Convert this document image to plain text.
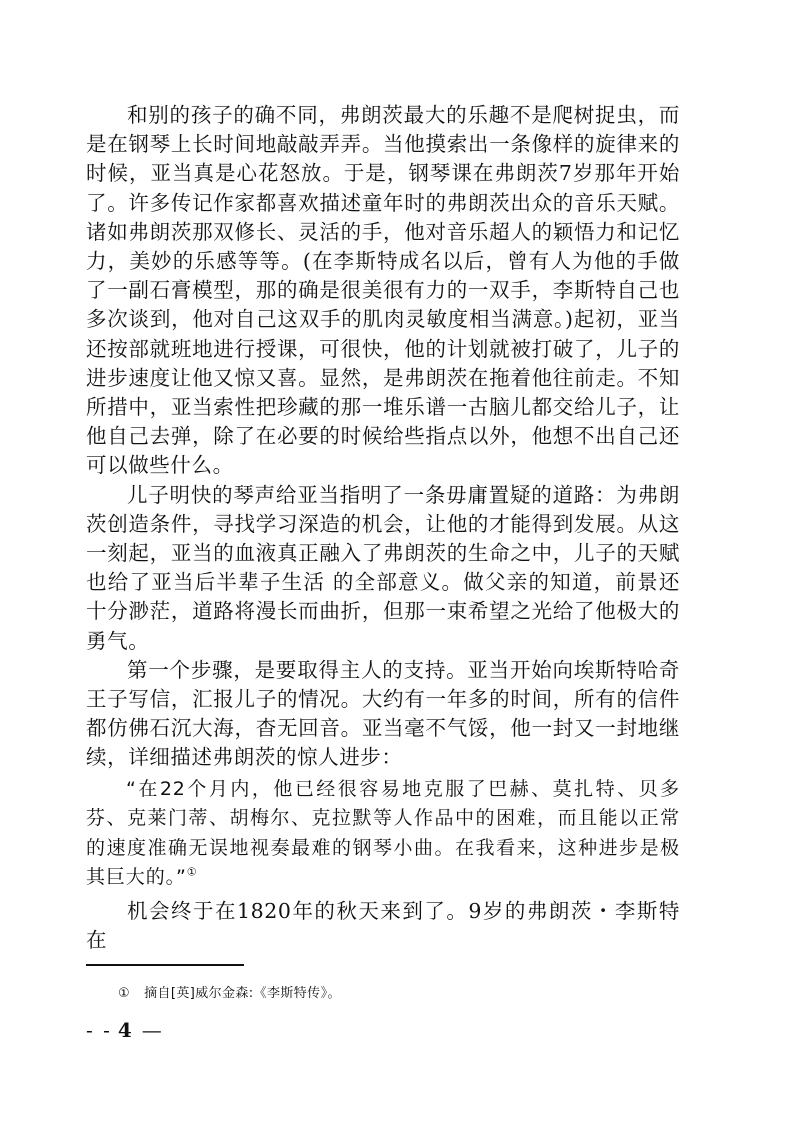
和别的孩子的确不同，弗朗茨最大的乐趣不是爬树捉虫，而是在钢琴上长时间地敲敲弄弄。当他摸索出一条像样的旋律来的时候，亚当真是心花怒放。于是，钢琴课在弗朗茨7岁那年开始了。许多传记作家都喜欢描述童年时的弗朗茨出众的音乐天赋。诸如弗朗茨那双修长、灵活的手，他对音乐超人的颖悟力和记忆力，美妙的乐感等等。(在李斯特成名以后，曾有人为他的手做了一副石膏模型，那的确是很美很有力的一双手，李斯特自己也多次谈到，他对自己这双手的肌肉灵敏度相当满意。)起初，亚当还按部就班地进行授课，可很快，他的计划就被打破了，儿子的进步速度让他又惊又喜。显然，是弗朗茨在拖着他往前走。不知所措中，亚当索性把珍藏的那一堆乐谱一古脑儿都交给儿子，让他自己去弹，除了在必要的时候给些指点以外，他想不出自己还可以做些什么。

儿子明快的琴声给亚当指明了一条毋庸置疑的道路：为弗朗茨创造条件，寻找学习深造的机会，让他的才能得到发展。从这一刻起，亚当的血液真正融入了弗朗茨的生命之中，儿子的天赋也给了亚当后半辈子生活 的全部意义。做父亲的知道，前景还十分渺茫，道路将漫长而曲折，但那一束希望之光给了他极大的勇气。

第一个步骤，是要取得主人的支持。亚当开始向埃斯特哈奇王子写信，汇报儿子的情况。大约有一年多的时间，所有的信件都仿佛石沉大海，杳无回音。亚当毫不气馁，他一封又一封地继续，详细描述弗朗茨的惊人进步：

“在22个月内，他已经很容易地克服了巴赫、莫扎特、贝多芬、克莱门蒂、胡梅尔、克拉默等人作品中的困难，而且能以正常的速度准确无误地视奏最难的钢琴小曲。在我看来，这种进步是极其巨大的。”①

机会终于在1820年的秋天来到了。9岁的弗朗茨・李斯特在

① 摘自[英]威尔金森:《李斯特传》。
- - 4 —
